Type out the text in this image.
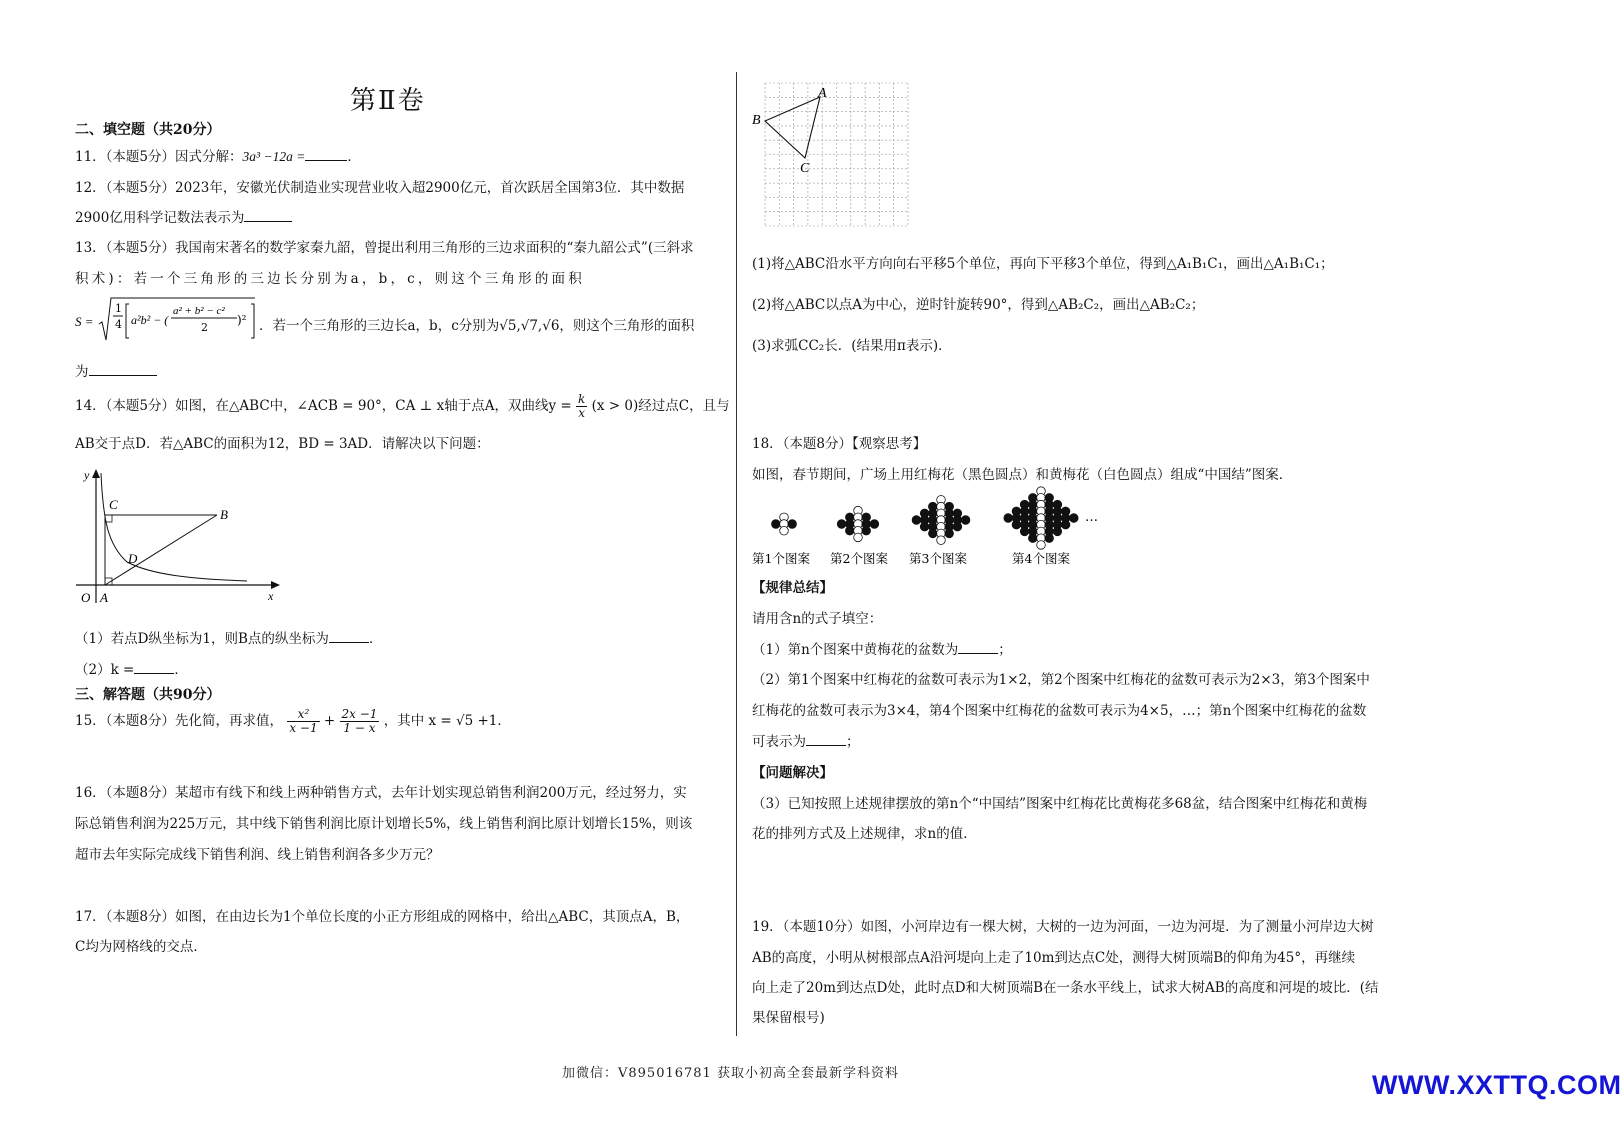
第Ⅱ卷
二、填空题（共20分）
11．（本题5分）因式分解：3a³ −12a =	．
12．（本题5分）2023年，安徽光伏制造业实现营业收入超2900亿元，首次跃居全国第3位．其中数据
2900亿用科学记数法表示为
13．（本题5分）我国南宋著名的数学家秦九韶，曾提出利用三角形的三边求面积的“秦九韶公式”(三斜求
积术)：若一个三角形的三边长分别为a，b，c，则这个三角形的面积
S =
1
4 a²b² − (
a² + b² − c²
2
)² ．若一个三角形的三边长a，b，c分别为√5,√7,√6，则这个三角形的面积
为
14．（本题5分）如图，在△ABC中，∠ACB = 90°，CA ⊥ x轴于点A，双曲线$y = \frac{k}{x} (x > 0)$经过点C，且与
AB交于点D．若△ABC的面积为12，BD = 3AD．请解决以下问题：
y
x
O A
B
C
D
（1）若点D纵坐标为1，则B点的纵坐标为	．
（2）k =	．
三、解答题（共90分）
15．（本题8分）先化简，再求值， $\frac{\text{x²}}{x -1} + \frac{2x -1}{1 - x}$ ，其中 x = √5 +1．
16．（本题8分）某超市有线下和线上两种销售方式，去年计划实现总销售利润200万元，经过努力，实
际总销售利润为225万元，其中线下销售利润比原计划增长5%，线上销售利润比原计划增长15%，则该
超市去年实际完成线下销售利润、线上销售利润各多少万元？
17．（本题8分）如图，在由边长为1个单位长度的小正方形组成的网格中，给出△ABC，其顶点A，B，
C均为网格线的交点．
A
B
C
(1)将△ABC沿水平方向向右平移5个单位，再向下平移3个单位，得到△A₁B₁C₁，画出△A₁B₁C₁；
(2)将△ABC以点A为中心，逆时针旋转90°，得到△AB₂C₂，画出△AB₂C₂；
(3)求弧CC₂长．(结果用π表示)．
18．（本题8分）【观察思考】
如图，春节期间，广场上用红梅花（黑色圆点）和黄梅花（白色圆点）组成“中国结”图案．
第1个图案 第2个图案 第3个图案	第4个图案
…
【规律总结】
请用含n的式子填空：
（1）第n个图案中黄梅花的盆数为	；
（2）第1个图案中红梅花的盆数可表示为1×2，第2个图案中红梅花的盆数可表示为2×3，第3个图案中
红梅花的盆数可表示为3×4，第4个图案中红梅花的盆数可表示为4×5，…；第n个图案中红梅花的盆数
可表示为	；
【问题解决】
（3）已知按照上述规律摆放的第n个“中国结”图案中红梅花比黄梅花多68盆，结合图案中红梅花和黄梅
花的排列方式及上述规律，求n的值．
19．（本题10分）如图，小河岸边有一棵大树，大树的一边为河面，一边为河堤．为了测量小河岸边大树
AB的高度，小明从树根部点A沿河堤向上走了10m到达点C处，测得大树顶端B的仰角为45°，再继续
向上走了20m到达点D处，此时点D和大树顶端B在一条水平线上，试求大树AB的高度和河堤的坡比．(结
果保留根号)
加微信：V895016781 获取小初高全套最新学科资料	WWW.XXTTQ.COM
